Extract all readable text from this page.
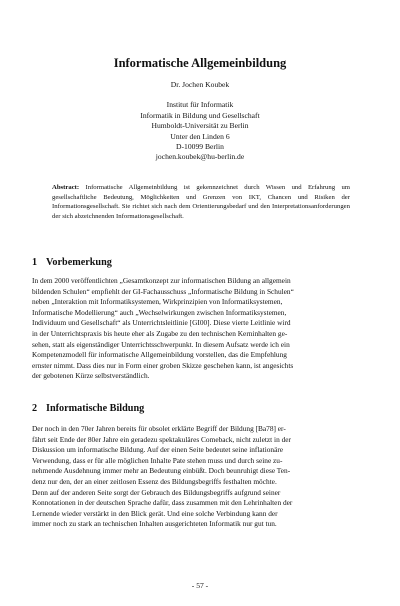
Informatische Allgemeinbildung
Dr. Jochen Koubek
Institut für Informatik
Informatik in Bildung und Gesellschaft
Humboldt-Universität zu Berlin
Unter den Linden 6
D-10099 Berlin
jochen.koubek@hu-berlin.de
Abstract: Informatische Allgemeinbildung ist gekennzeichnet durch Wissen und Erfahrung um gesellschaftliche Bedeutung, Möglichkeiten und Grenzen von IKT, Chancen und Risiken der Informationsgesellschaft. Sie richtet sich nach dem Orientierungsbedarf und den Interpretationsanforderungen der sich abzeichnenden Informationsgesellschaft.
1 Vorbemerkung
In dem 2000 veröffentlichten „Gesamtkonzept zur informatischen Bildung an allgemein
bildenden Schulen“ empfiehlt der GI-Fachausschuss „Informatische Bildung in Schulen“
neben „Interaktion mit Informatiksystemen, Wirkprinzipien von Informatiksystemen,
Informatische Modellierung“ auch „Wechselwirkungen zwischen Informatiksystemen,
Individuum und Gesellschaft“ als Unterrichtsleitlinie [GI00]. Diese vierte Leitlinie wird
in der Unterrichtspraxis bis heute eher als Zugabe zu den technischen Kerninhalten ge-
sehen, statt als eigenständiger Unterrichtsschwerpunkt. In diesem Aufsatz werde ich ein
Kompetenzmodell für informatische Allgemeinbildung vorstellen, das die Empfehlung
ernster nimmt. Dass dies nur in Form einer groben Skizze geschehen kann, ist angesichts
der gebotenen Kürze selbstverständlich.
2 Informatische Bildung
Der noch in den 70er Jahren bereits für obsolet erklärte Begriff der Bildung [Ba78] er-
fährt seit Ende der 80er Jahre ein geradezu spektakuläres Comeback, nicht zuletzt in der
Diskussion um informatische Bildung. Auf der einen Seite bedeutet seine inflationäre
Verwendung, dass er für alle möglichen Inhalte Pate stehen muss und durch seine zu-
nehmende Ausdehnung immer mehr an Bedeutung einbüßt. Doch beunruhigt diese Ten-
denz nur den, der an einer zeitlosen Essenz des Bildungsbegriffs festhalten möchte.
Denn auf der anderen Seite sorgt der Gebrauch des Bildungsbegriffs aufgrund seiner
Konnotationen in der deutschen Sprache dafür, dass zusammen mit den Lehrinhalten der
Lernende wieder verstärkt in den Blick gerät. Und eine solche Verbindung kann der
immer noch zu stark an technischen Inhalten ausgerichteten Informatik nur gut tun.
- 57 -
